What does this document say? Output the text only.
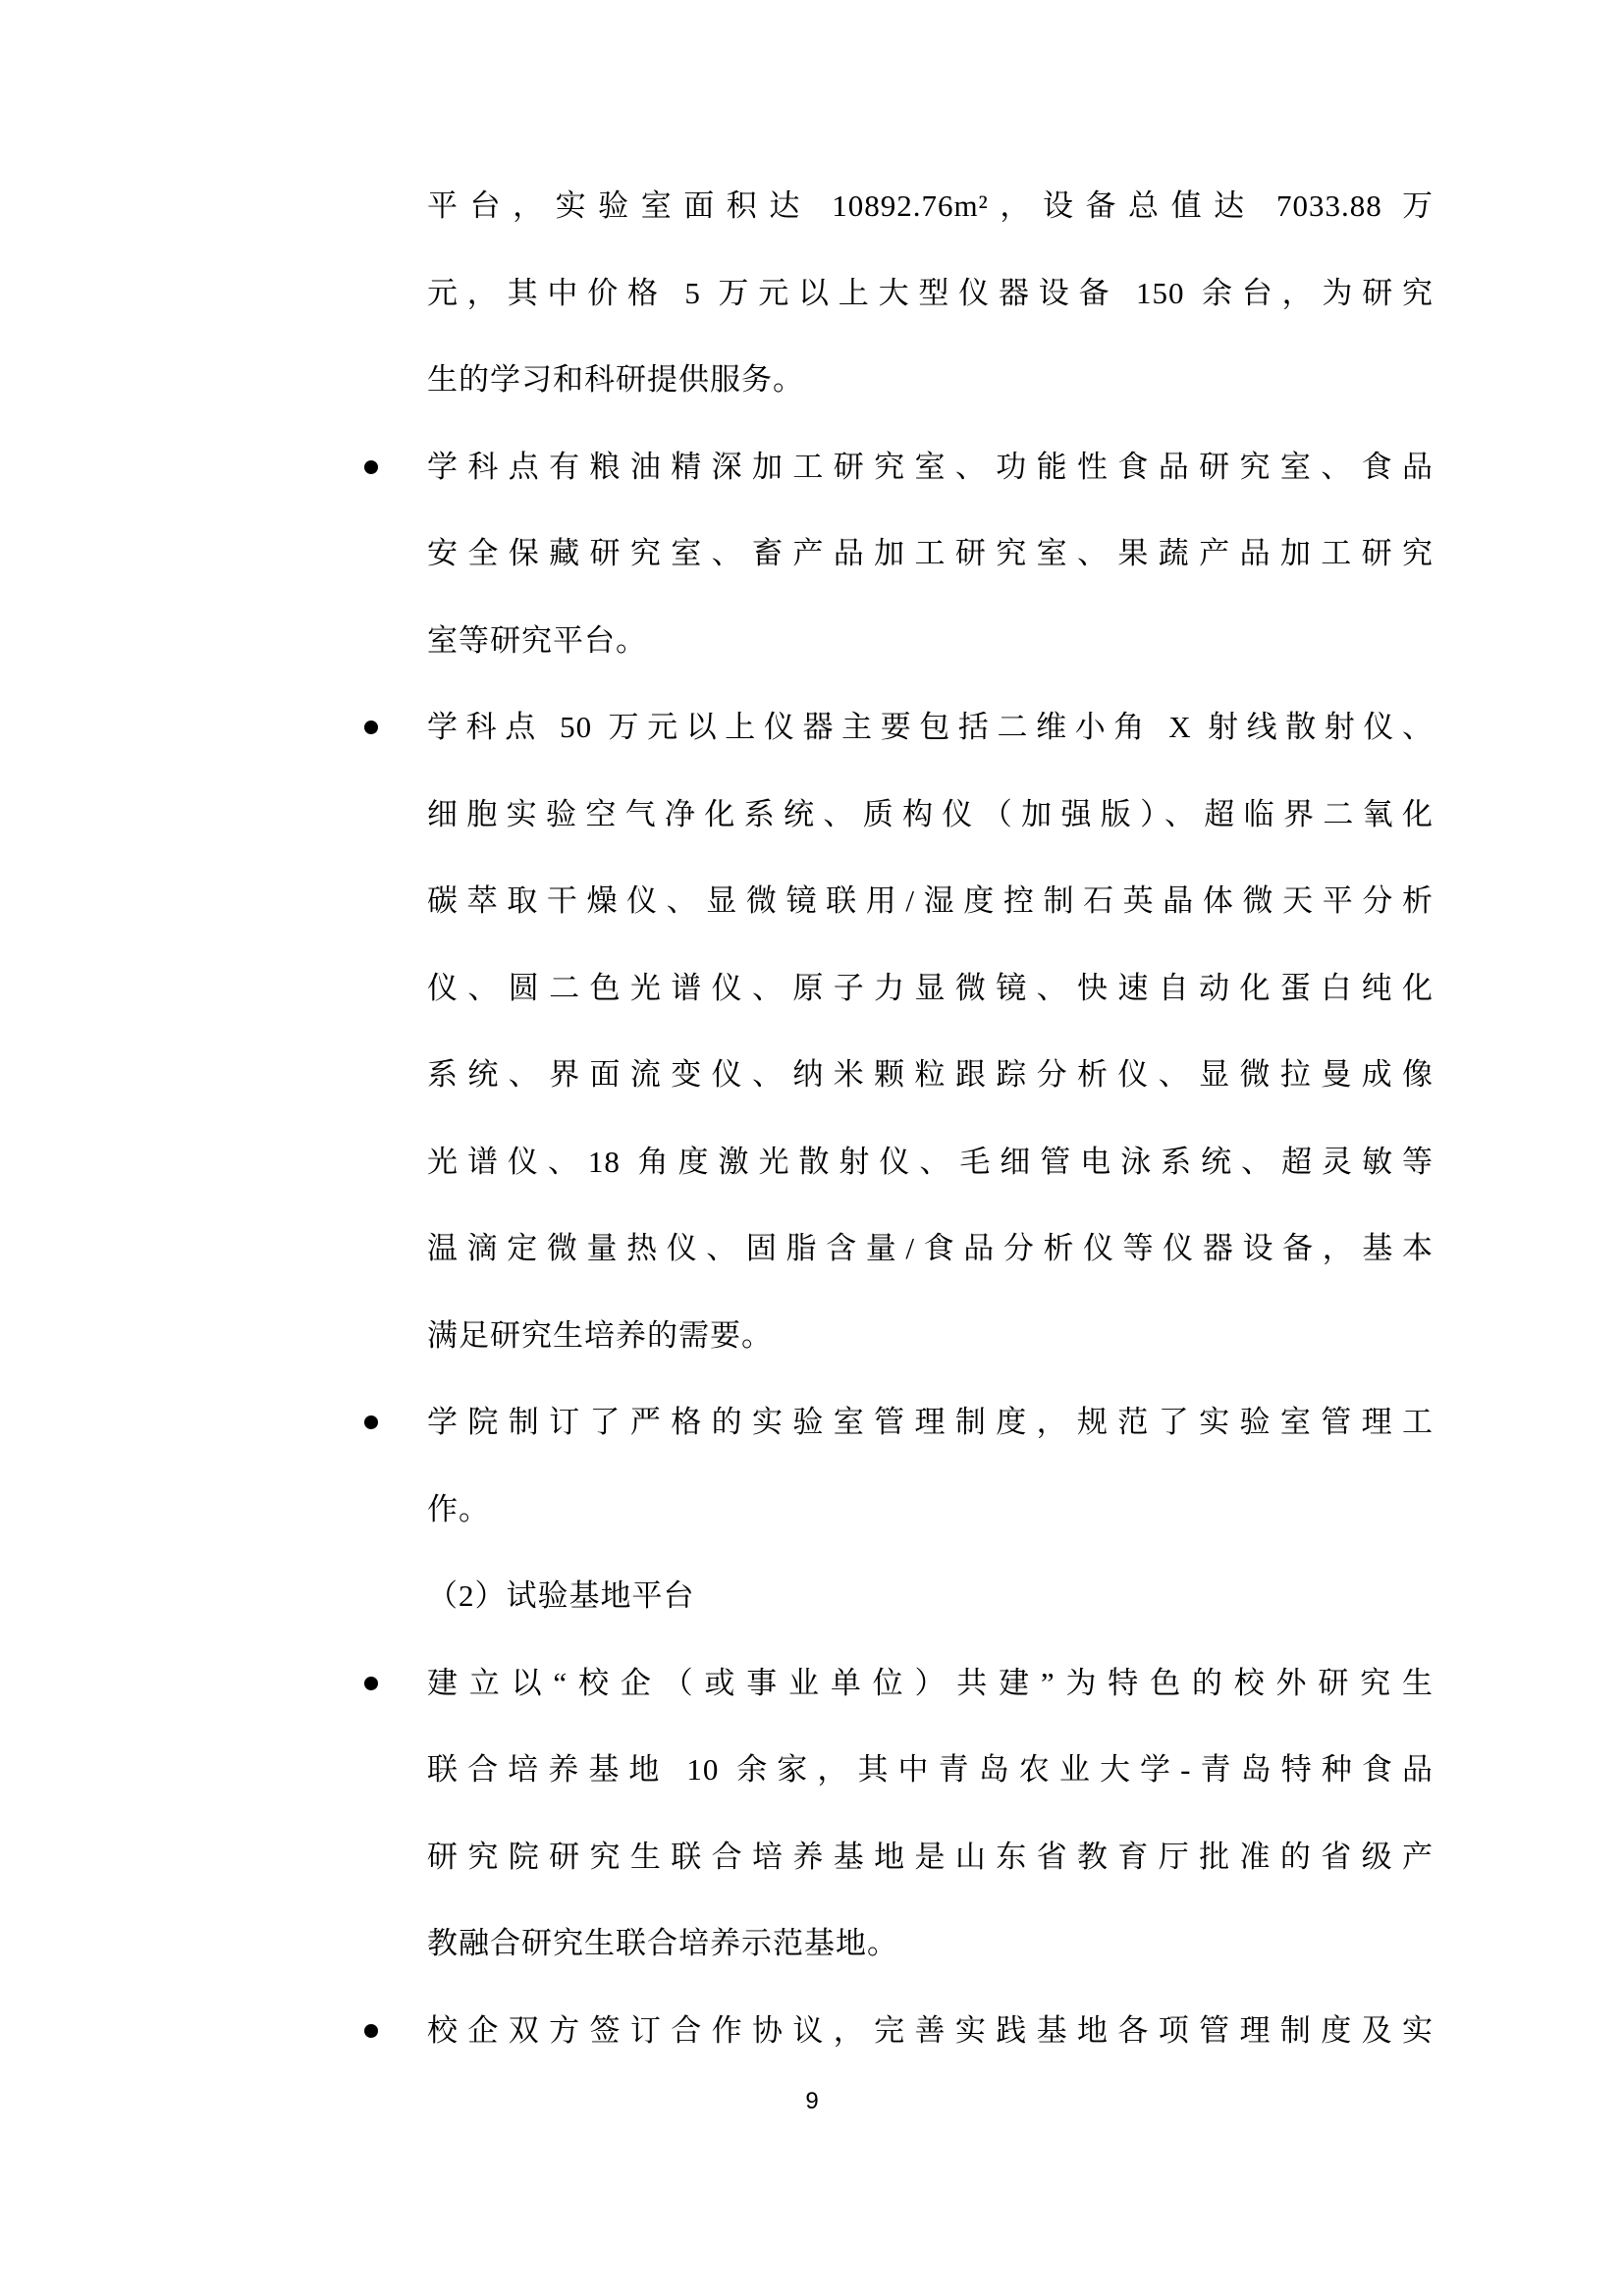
平台，实验室面积达 10892.76m²，设备总值达 7033.88 万
元，其中价格 5 万元以上大型仪器设备 150 余台，为研究
生的学习和科研提供服务。
学科点有粮油精深加工研究室、功能性食品研究室、食品
安全保藏研究室、畜产品加工研究室、果蔬产品加工研究
室等研究平台。
学科点 50 万元以上仪器主要包括二维小角 X 射线散射仪、
细胞实验空气净化系统、质构仪（加强版）、超临界二氧化
碳萃取干燥仪、显微镜联用/湿度控制石英晶体微天平分析
仪、圆二色光谱仪、原子力显微镜、快速自动化蛋白纯化
系统、界面流变仪、纳米颗粒跟踪分析仪、显微拉曼成像
光谱仪、18 角度激光散射仪、毛细管电泳系统、超灵敏等
温滴定微量热仪、固脂含量/食品分析仪等仪器设备，基本
满足研究生培养的需要。
学院制订了严格的实验室管理制度，规范了实验室管理工
作。
（2）试验基地平台
建立以“校企（或事业单位）共建”为特色的校外研究生
联合培养基地 10 余家，其中青岛农业大学-青岛特种食品
研究院研究生联合培养基地是山东省教育厅批准的省级产
教融合研究生联合培养示范基地。
校企双方签订合作协议，完善实践基地各项管理制度及实
9
